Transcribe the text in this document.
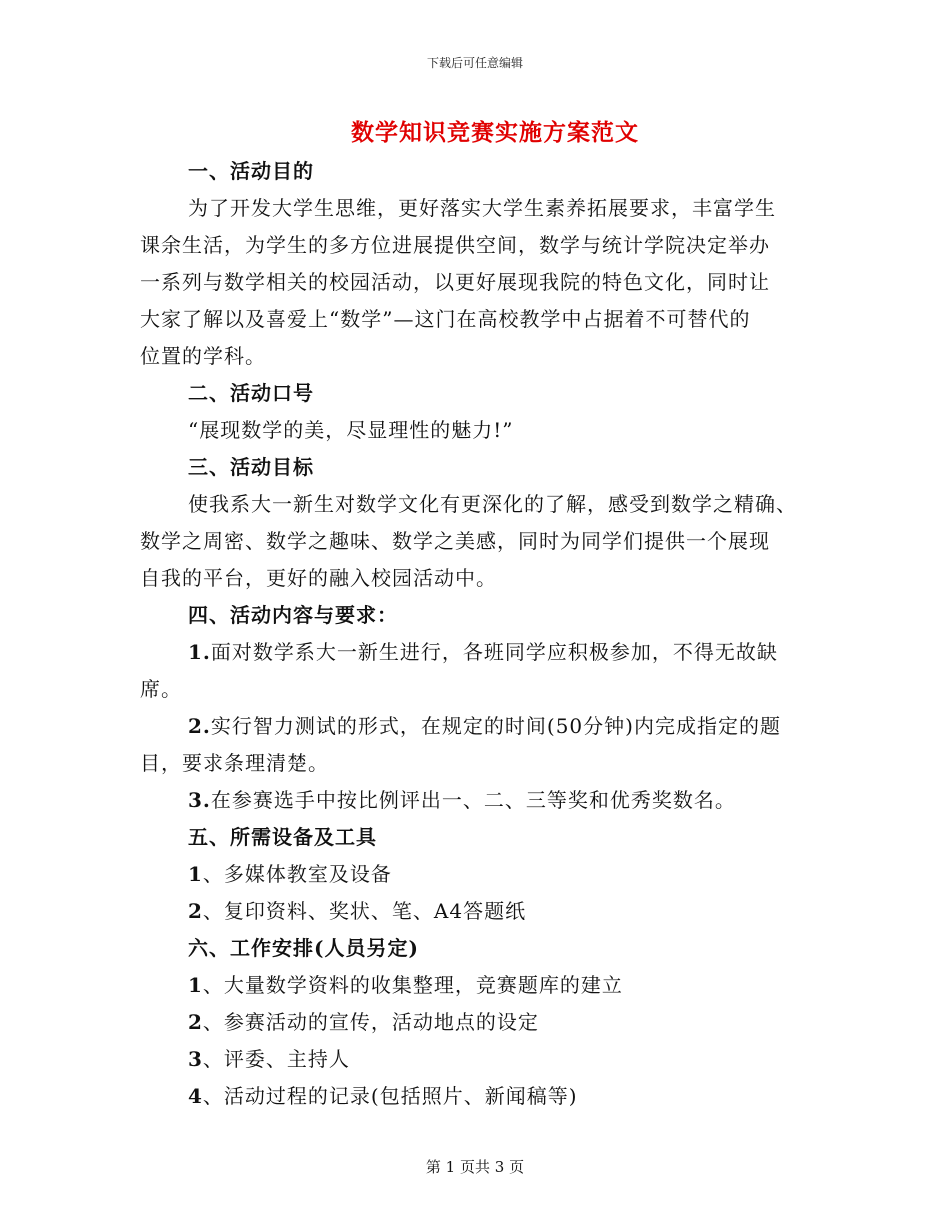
下载后可任意编辑
数学知识竞赛实施方案范文
一、活动目的
为了开发大学生思维，更好落实大学生素养拓展要求，丰富学生
课余生活，为学生的多方位进展提供空间，数学与统计学院决定举办
一系列与数学相关的校园活动，以更好展现我院的特色文化，同时让
大家了解以及喜爱上“数学”—这门在高校教学中占据着不可替代的
位置的学科。
二、活动口号
“展现数学的美，尽显理性的魅力!”
三、活动目标
使我系大一新生对数学文化有更深化的了解，感受到数学之精确、
数学之周密、数学之趣味、数学之美感，同时为同学们提供一个展现
自我的平台，更好的融入校园活动中。
四、活动内容与要求：
1.面对数学系大一新生进行，各班同学应积极参加，不得无故缺
席。
2.实行智力测试的形式，在规定的时间(50分钟)内完成指定的题
目，要求条理清楚。
3.在参赛选手中按比例评出一、二、三等奖和优秀奖数名。
五、所需设备及工具
1、多媒体教室及设备
2、复印资料、奖状、笔、A4答题纸
六、工作安排(人员另定)
1、大量数学资料的收集整理，竞赛题库的建立
2、参赛活动的宣传，活动地点的设定
3、评委、主持人
4、活动过程的记录(包括照片、新闻稿等)
第 1 页共 3 页
